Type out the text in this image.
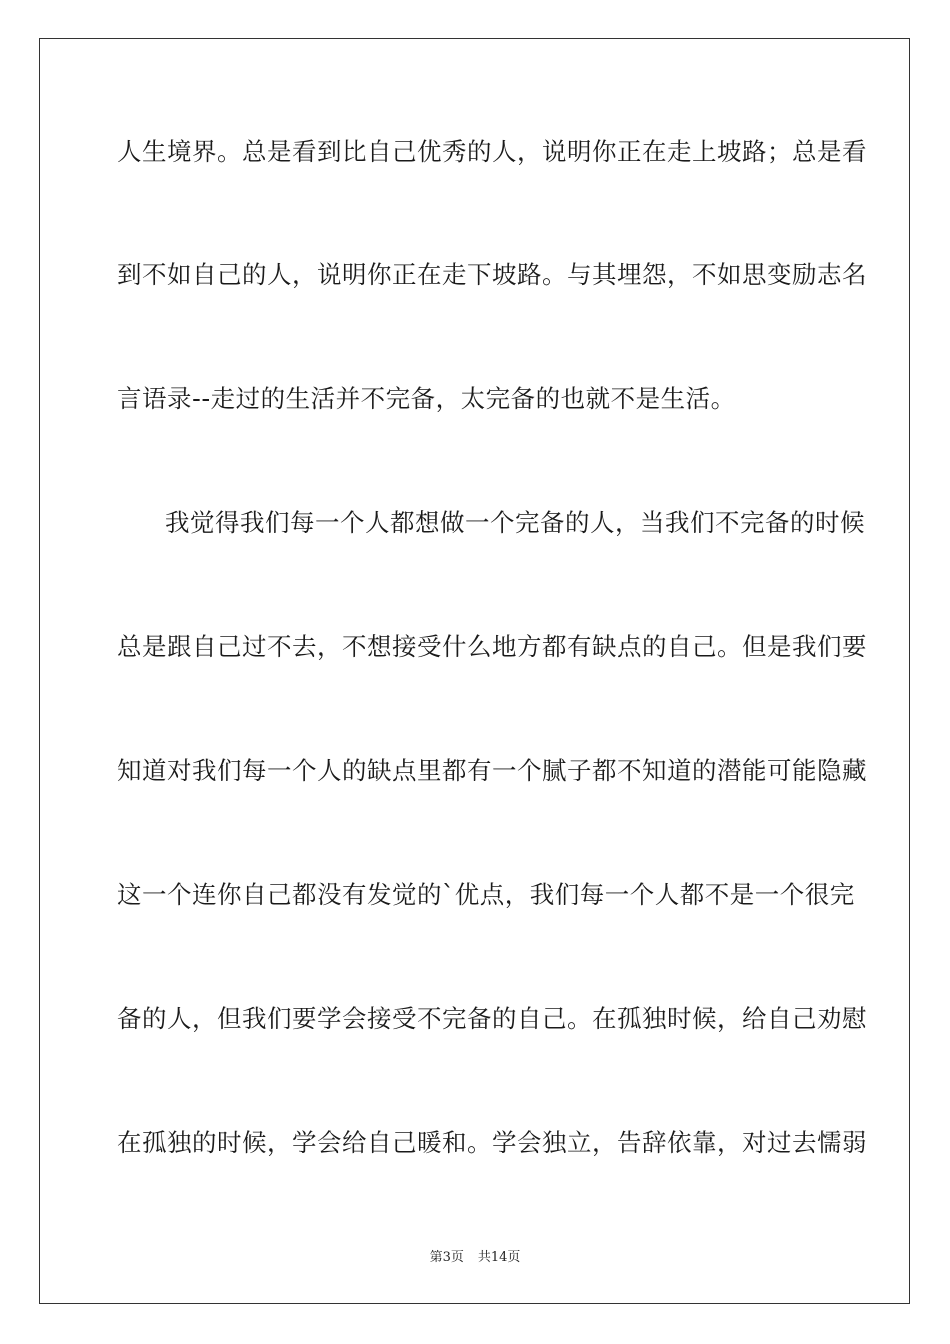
人生境界。总是看到比自己优秀的人，说明你正在走上坡路；总是看
到不如自己的人，说明你正在走下坡路。与其埋怨，不如思变励志名
言语录--走过的生活并不完备，太完备的也就不是生活。
我觉得我们每一个人都想做一个完备的人，当我们不完备的时候
总是跟自己过不去，不想接受什么地方都有缺点的自己。但是我们要
知道对我们每一个人的缺点里都有一个腻子都不知道的潜能可能隐藏
这一个连你自己都没有发觉的`优点，我们每一个人都不是一个很完
备的人，但我们要学会接受不完备的自己。在孤独时候，给自己劝慰
在孤独的时候，学会给自己暖和。学会独立，告辞依靠，对过去懦弱
第3页 共14页
